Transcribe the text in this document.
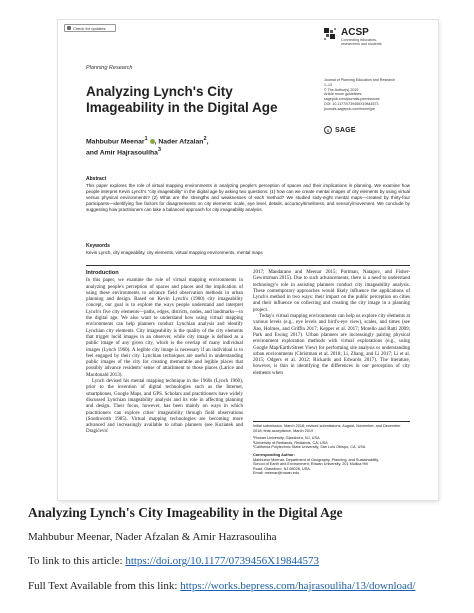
Check for updates
Planning Research
ACSP
Connecting educators, researchers and students
Journal of Planning Education and Research
1–13
© The Author(s) 2019
Article reuse guidelines:
sagepub.com/journals-permissions
DOI: 10.1177/0739456X19844573
journals.sagepub.com/home/jpe
$ SAGE
Analyzing Lynch's City Imageability in the Digital Age
Mahbubur Meenar$^1$ , Nader Afzalan$^2$,
and Amir Hajrasouliha$^3$
Abstract
This paper explores the role of virtual mapping environments in analyzing people's perception of spaces and their implications in planning. We examine how people interpret Kevin Lynch's "city imageability" in the digital age by asking two questions: (1) how can we create mental images of city elements by using virtual versus physical environments? (2) What are the strengths and weaknesses of each method? We studied sixty-eight mental maps—created by thirty-four participants—identifying five factors for disagreements on city elements: scale, eye level, details, accuracy/timeliness, and sensory/movement. We conclude by suggesting how practitioners can take a balanced approach for city imageability analysis.
Keywords
Kevin Lynch, city imageability, city elements, virtual mapping environments, mental maps
Introduction

In this paper, we examine the role of virtual mapping environments in analyzing people's perception of spaces and places and the implication of using these environments to advance field observation methods in urban planning and design. Based on Kevin Lynch's (1960) city imageability concept, our goal is to explore the ways people understand and interpret Lynch's five city elements—paths, edges, districts, nodes, and landmarks—in the digital age. We also want to understand how using virtual mapping environments can help planners conduct Lynchian analysis and identify Lynchian city elements. City imageability is the quality of the city elements that trigger lucid images in an observer, while city image is defined as a public image of any given city, which is the overlap of many individual images (Lynch 1960). A legible city image is necessary if an individual is to feel engaged by their city. Lynchian techniques are useful in understanding public images of the city for creating memorable and legible places that possibly advance residents' sense of attachment to those places (Larice and Macdonald 2013).

Lynch devised his mental mapping technique in the 1960s (Lynch 1960), prior to the invention of digital technologies such as the Internet, smartphones, Google Maps, and GPS. Scholars and practitioners have widely discussed Lynchian imageability analysis and its role in affecting planning and design. Their focus, however, has been mainly on ways in which practitioners can explore cities' imageability through field observations (Southworth 1985). Virtual mapping technologies are becoming more advanced and increasingly available to urban planners (see Koziatek and Dragićević

2017; Mandarano and Meenar 2015; Portman, Natapov, and Fisher-Gewirtzman 2015). Due to such advancements, there is a need to understand technology's role in assisting planners conduct city imageability analysis. These contemporary approaches would likely influence the applications of Lynch's method in two ways: their impact on the public perception on cities and their influence on collecting and creating the city image in a planning project.

Today's virtual mapping environments can help us explore city elements at various levels (e.g., eye levels and bird's-eye view), scales, and times (see Jiao, Holmes, and Griffin 2017; Kepper et al. 2017; Morello and Ratti 2009; Park and Ewing 2017). Urban planners are increasingly pairing physical environment exploration methods with virtual explorations (e.g., using Google Map/Earth/Street View) for performing site analysis or understanding urban environments (Christman et al. 2018; Li, Zhang, and Li 2017; Li et al. 2015; Odgers et al. 2012; Rickards and Edwards 2017). The literature, however, is thin in identifying the differences in our perception of city elements when

Initial submission, March 2018; revised submissions, August, November, and December 2018; final acceptance, March 2019
¹Rowan University, Glassboro, NJ, USA
²University of Redlands, Redlands, CA, USA
³California Polytechnic State University, San Luis Obispo, CA, USA
Corresponding Author:
Mahbubur Meenar, Department of Geography, Planning, and Sustainability,
School of Earth and Environment, Rowan University, 201 Mullica Hill
Road, Glassboro, NJ 08028, USA.
Email: meenar@rowan.edu
Analyzing Lynch's City Imageability in the Digital Age
Mahbubur Meenar, Nader Afzalan & Amir Hazrasouliha
To link to this article: https://doi.org/10.1177/0739456X19844573
Full Text Available from this link: https://works.bepress.com/hajrasouliha/13/download/
